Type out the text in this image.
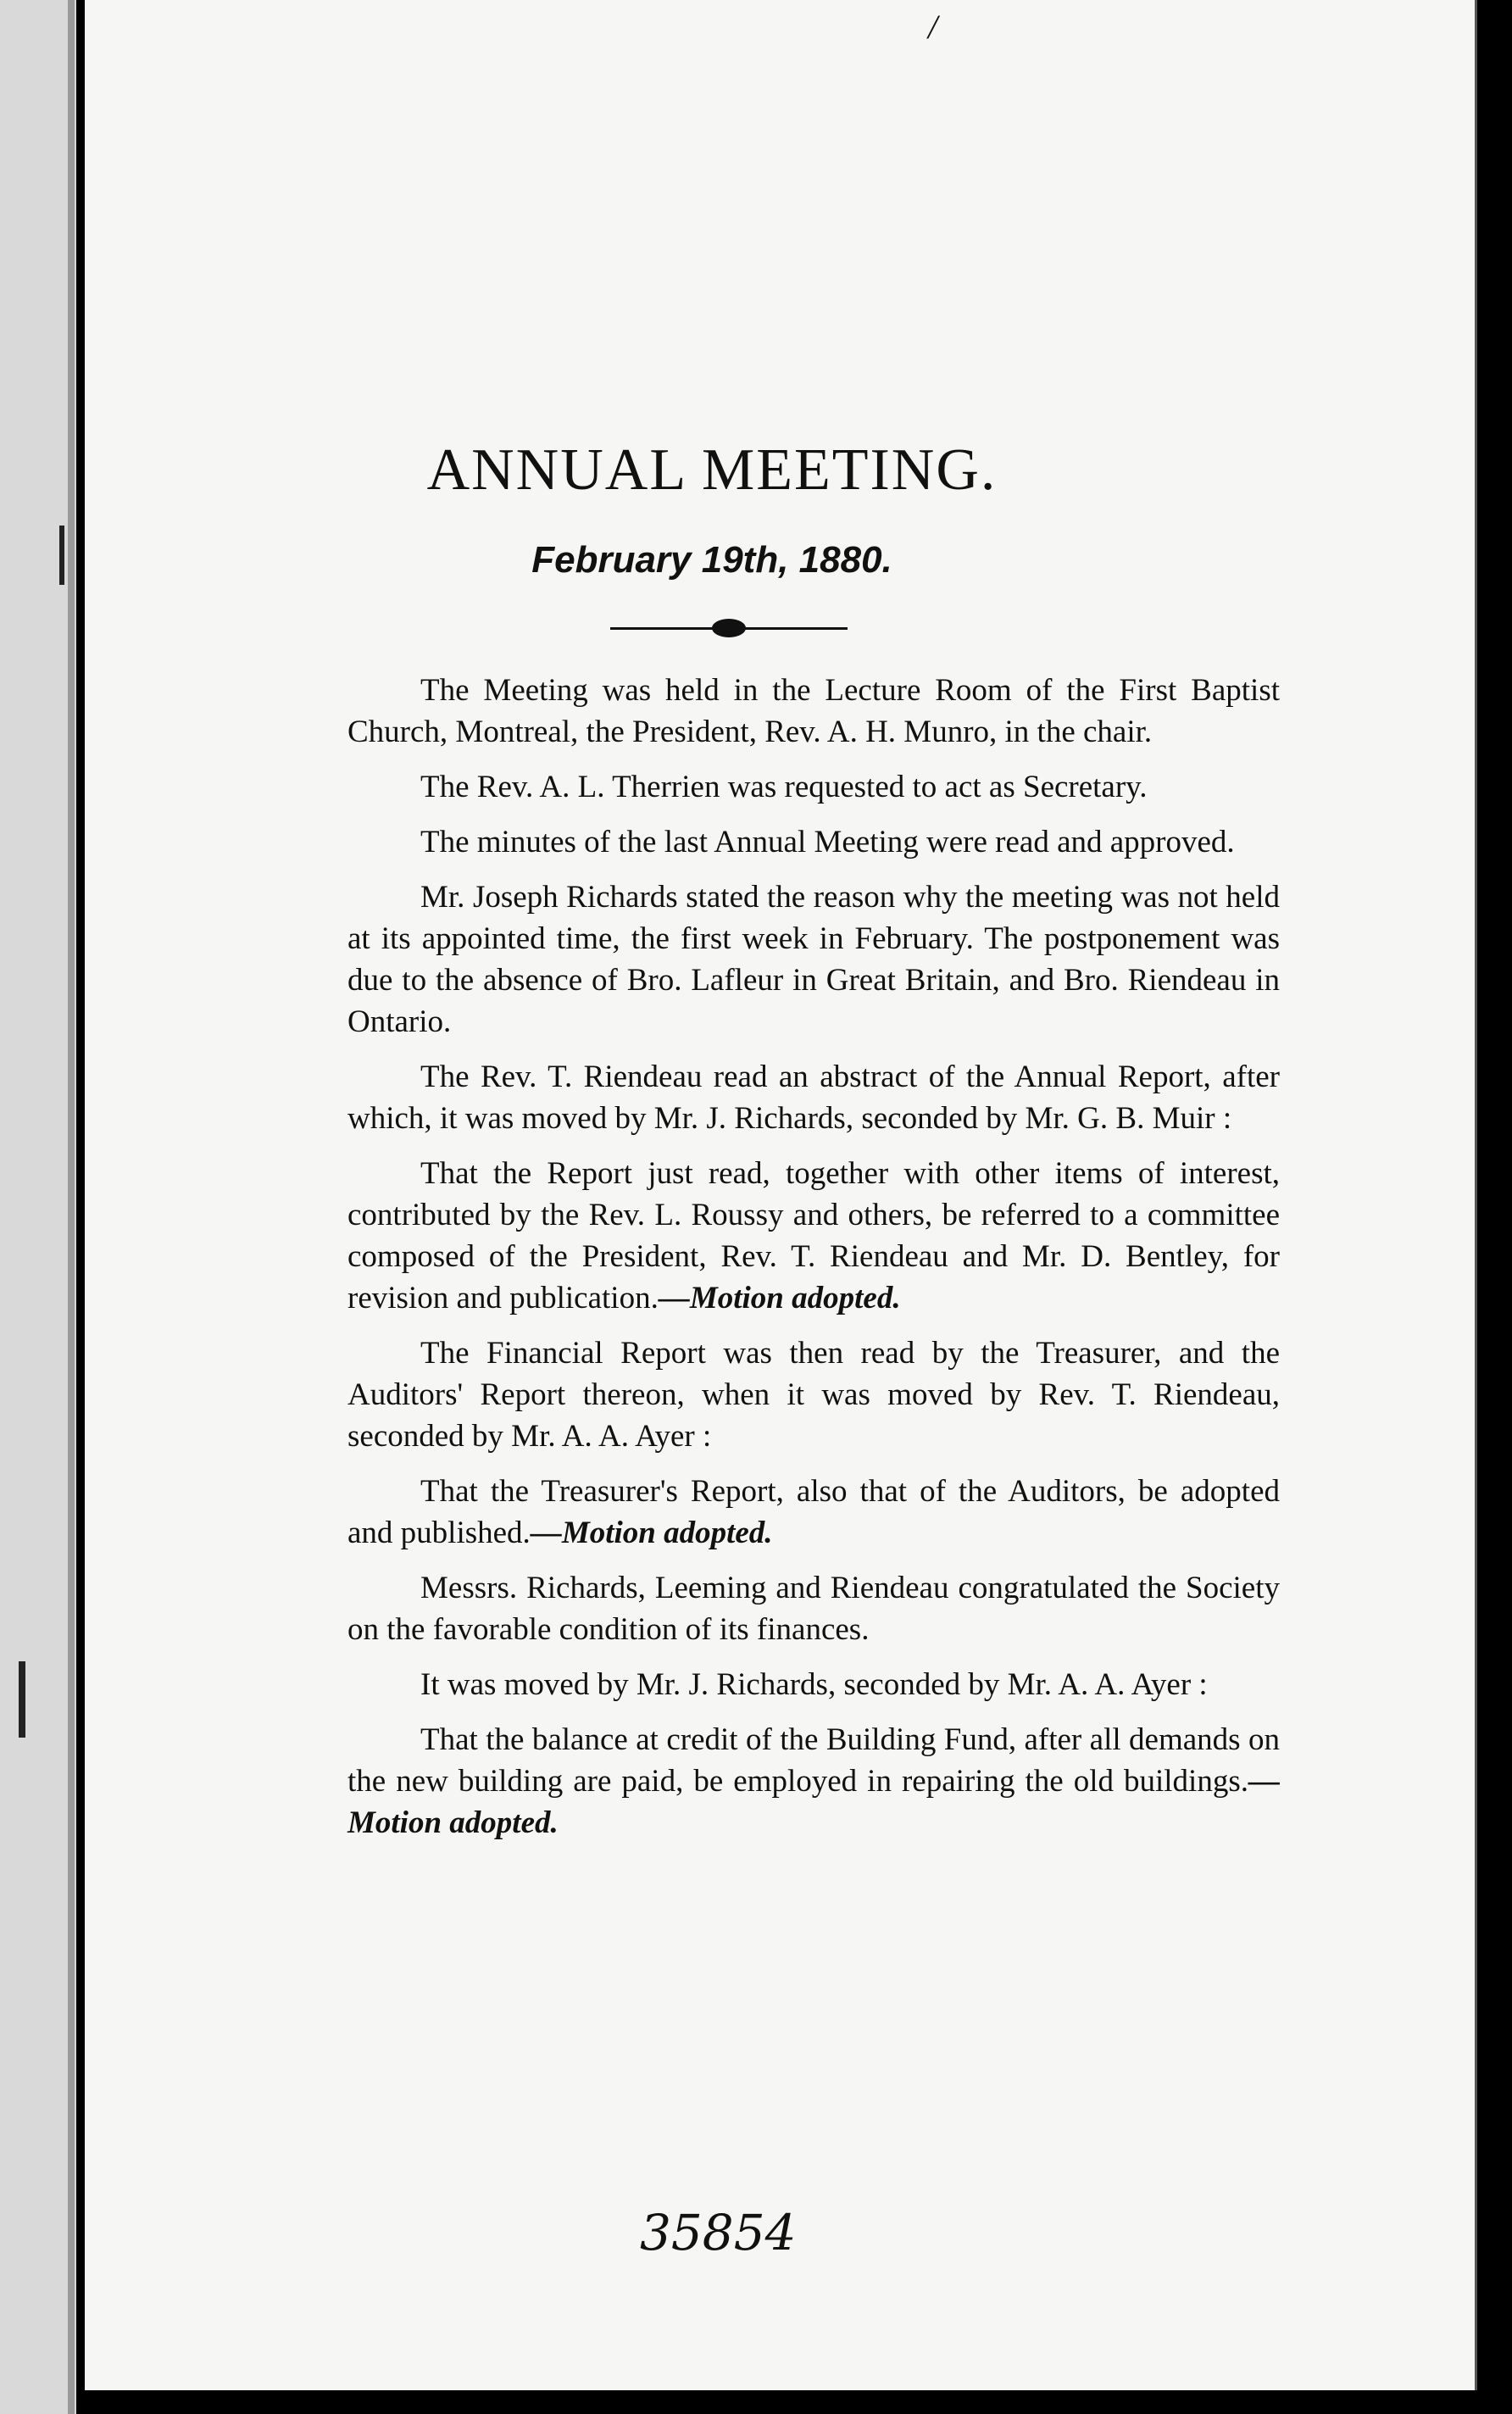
/
ANNUAL MEETING.
February 19th, 1880.

The Meeting was held in the Lecture Room of the First Baptist Church, Montreal, the President, Rev. A. H. Munro, in the chair.

The Rev. A. L. Therrien was requested to act as Secretary.

The minutes of the last Annual Meeting were read and approved.

Mr. Joseph Richards stated the reason why the meeting was not held at its appointed time, the first week in February. The postponement was due to the absence of Bro. Lafleur in Great Britain, and Bro. Riendeau in Ontario.

The Rev. T. Riendeau read an abstract of the Annual Report, after which, it was moved by Mr. J. Richards, seconded by Mr. G. B. Muir :

That the Report just read, together with other items of interest, contributed by the Rev. L. Roussy and others, be referred to a committee composed of the President, Rev. T. Riendeau and Mr. D. Bentley, for revision and publication.—Motion adopted.

The Financial Report was then read by the Treasurer, and the Auditors' Report thereon, when it was moved by Rev. T. Riendeau, seconded by Mr. A. A. Ayer :

That the Treasurer's Report, also that of the Auditors, be adopted and published.—Motion adopted.

Messrs. Richards, Leeming and Riendeau congratulated the Society on the favorable condition of its finances.

It was moved by Mr. J. Richards, seconded by Mr. A. A. Ayer :

That the balance at credit of the Building Fund, after all demands on the new building are paid, be employed in repairing the old buildings.—Motion adopted.

35854
